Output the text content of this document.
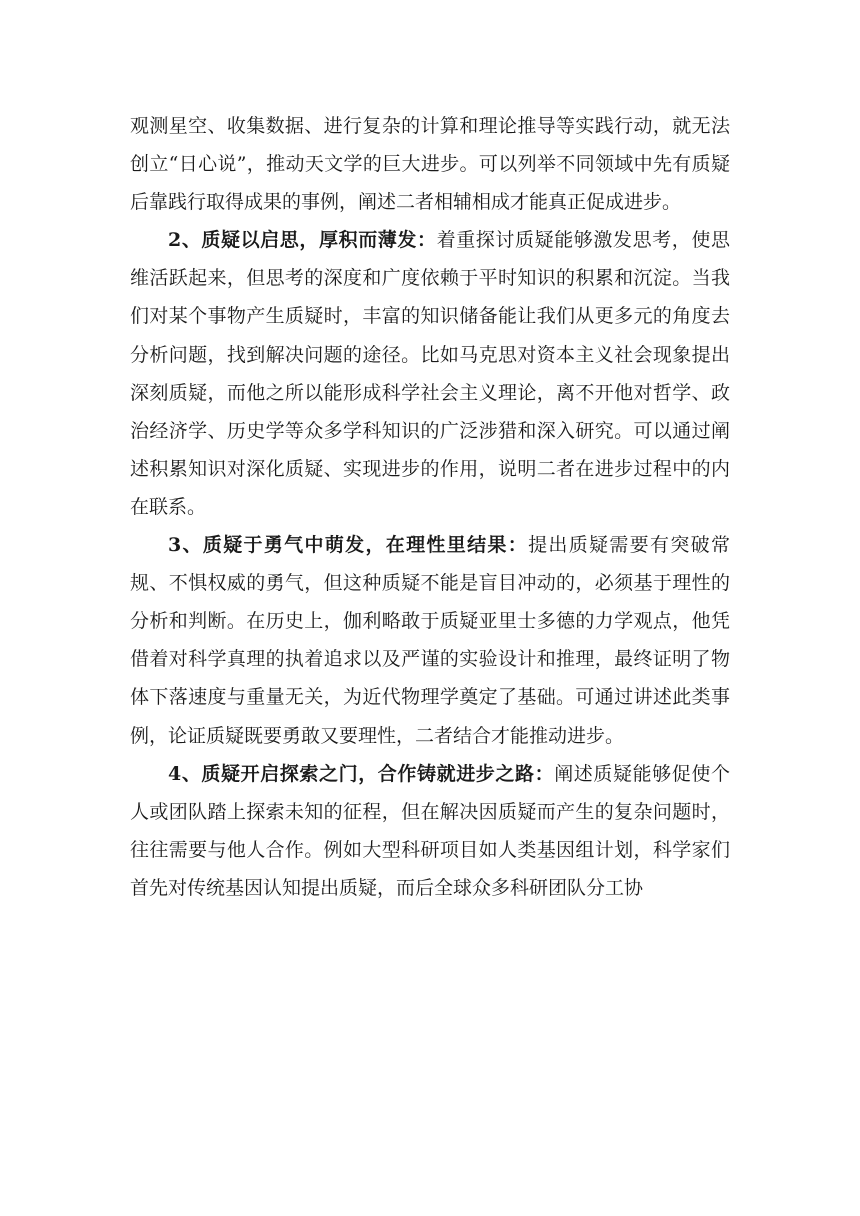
观测星空、收集数据、进行复杂的计算和理论推导等实践行动，就无法创立“日心说”，推动天文学的巨大进步。可以列举不同领域中先有质疑后靠践行取得成果的事例，阐述二者相辅相成才能真正促成进步。

2、质疑以启思，厚积而薄发：着重探讨质疑能够激发思考，使思维活跃起来，但思考的深度和广度依赖于平时知识的积累和沉淀。当我们对某个事物产生质疑时，丰富的知识储备能让我们从更多元的角度去分析问题，找到解决问题的途径。比如马克思对资本主义社会现象提出深刻质疑，而他之所以能形成科学社会主义理论，离不开他对哲学、政治经济学、历史学等众多学科知识的广泛涉猎和深入研究。可以通过阐述积累知识对深化质疑、实现进步的作用，说明二者在进步过程中的内在联系。

3、质疑于勇气中萌发，在理性里结果：提出质疑需要有突破常规、不惧权威的勇气，但这种质疑不能是盲目冲动的，必须基于理性的分析和判断。在历史上，伽利略敢于质疑亚里士多德的力学观点，他凭借着对科学真理的执着追求以及严谨的实验设计和推理，最终证明了物体下落速度与重量无关，为近代物理学奠定了基础。可通过讲述此类事例，论证质疑既要勇敢又要理性，二者结合才能推动进步。

4、质疑开启探索之门，合作铸就进步之路：阐述质疑能够促使个人或团队踏上探索未知的征程，但在解决因质疑而产生的复杂问题时，往往需要与他人合作。例如大型科研项目如人类基因组计划，科学家们首先对传统基因认知提出质疑，而后全球众多科研团队分工协
